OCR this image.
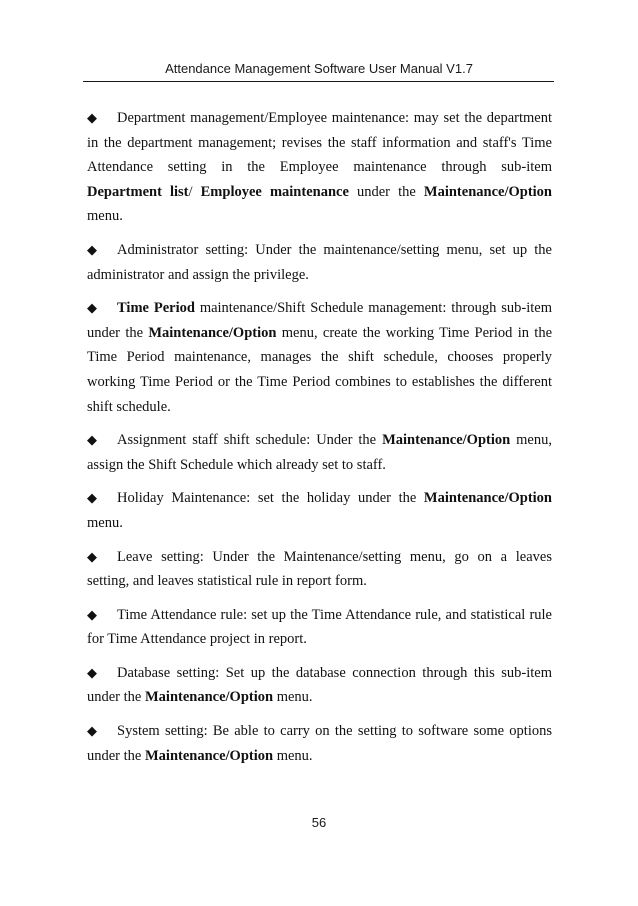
Attendance Management Software User Manual V1.7

◆ Department management/Employee maintenance: may set the department in the department management; revises the staff information and staff's Time Attendance setting in the Employee maintenance through sub-item Department list/ Employee maintenance under the Maintenance/Option menu.

◆ Administrator setting: Under the maintenance/setting menu, set up the administrator and assign the privilege.

◆ Time Period maintenance/Shift Schedule management: through sub-item under the Maintenance/Option menu, create the working Time Period in the Time Period maintenance, manages the shift schedule, chooses properly working Time Period or the Time Period combines to establishes the different shift schedule.

◆ Assignment staff shift schedule: Under the Maintenance/Option menu, assign the Shift Schedule which already set to staff.

◆ Holiday Maintenance: set the holiday under the Maintenance/Option menu.

◆ Leave setting: Under the Maintenance/setting menu, go on a leaves setting, and leaves statistical rule in report form.

◆ Time Attendance rule: set up the Time Attendance rule, and statistical rule for Time Attendance project in report.

◆ Database setting: Set up the database connection through this sub-item under the Maintenance/Option menu.

◆ System setting: Be able to carry on the setting to software some options under the Maintenance/Option menu.

56
